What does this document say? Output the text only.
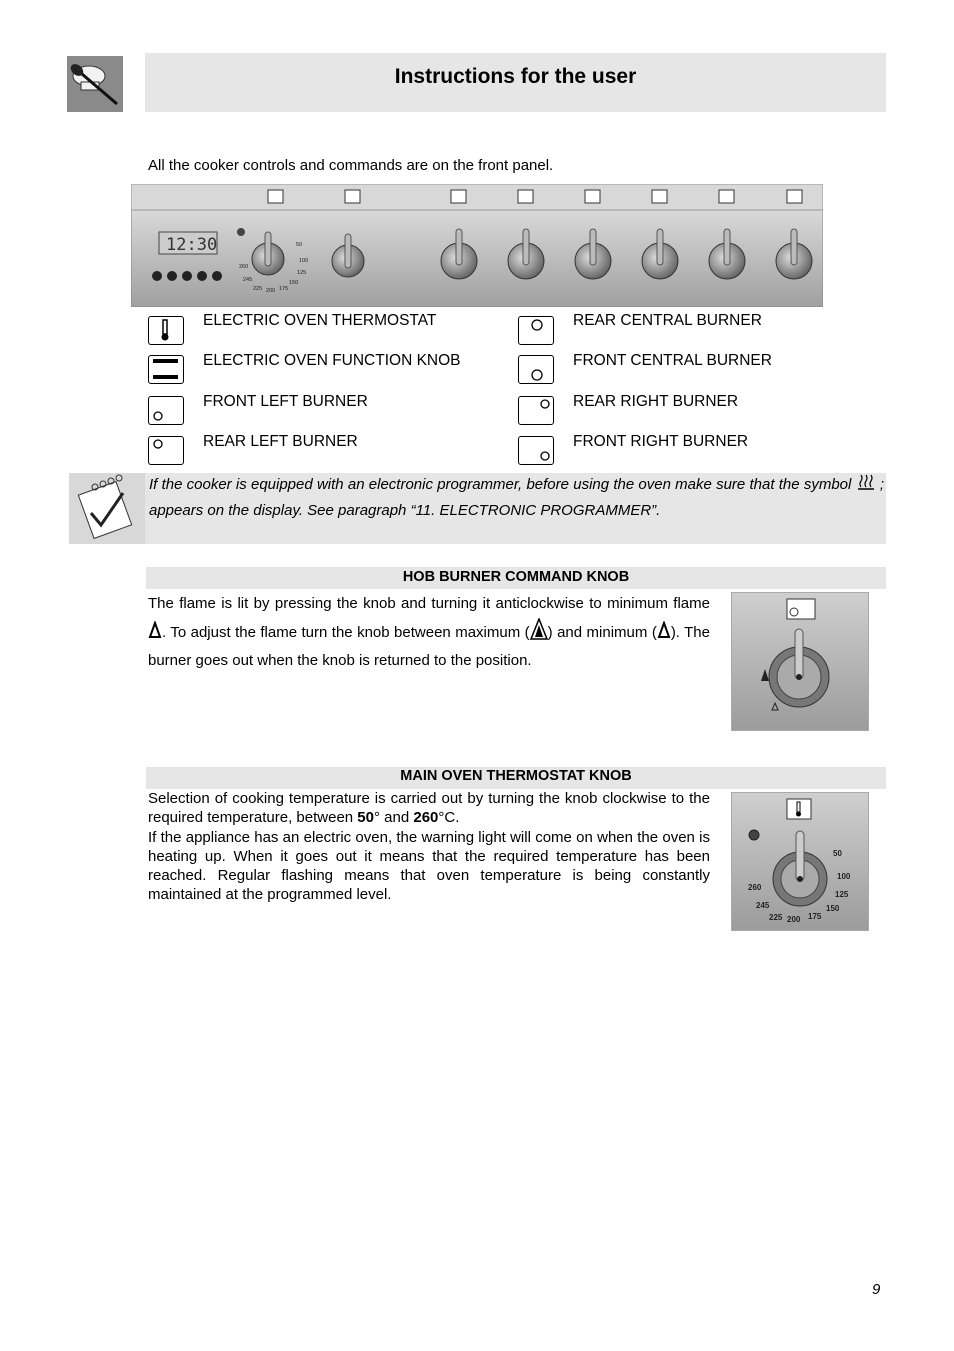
Instructions for the user
All the cooker controls and commands are on the front panel.
12:30	50
100
125
150
175
200
225
245
260
ELECTRIC OVEN THERMOSTAT
ELECTRIC OVEN FUNCTION KNOB
FRONT LEFT BURNER
REAR LEFT BURNER
REAR CENTRAL BURNER
FRONT CENTRAL BURNER
REAR RIGHT BURNER
FRONT RIGHT BURNER
If the cooker is equipped with an electronic programmer, before using the oven make sure that the symbol ; appears on the display. See paragraph “11. ELECTRONIC PROGRAMMER”.
HOB BURNER COMMAND KNOB
The flame is lit by pressing the knob and turning it anticlockwise to minimum flame . To adjust the flame turn the knob between maximum ( ) and minimum ( ). The burner goes out when the knob is returned to the position.
MAIN OVEN THERMOSTAT KNOB
Selection of cooking temperature is carried out by turning the knob clockwise to the required temperature, between 50° and 260°C.
If the appliance has an electric oven, the warning light will come on when the oven is heating up. When it goes out it means that the required temperature has been reached. Regular flashing means that oven temperature is being constantly maintained at the programmed level.
50
100
125
150
175
200
225
245
260
9
